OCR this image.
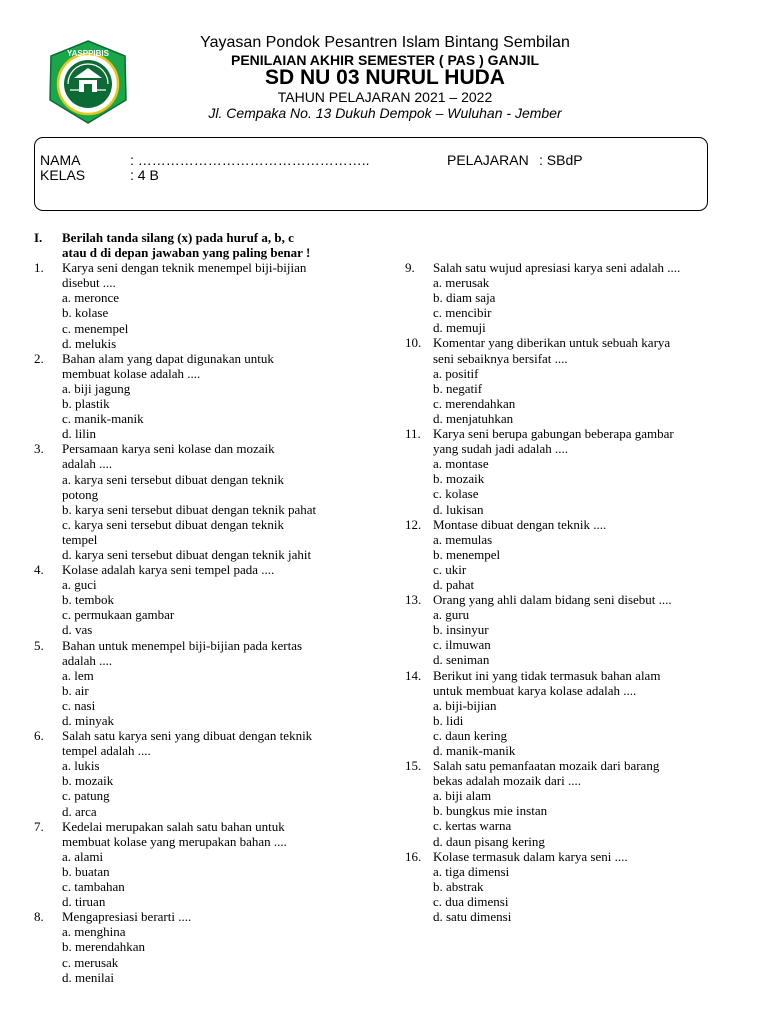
YASPPIBIS
Yayasan Pondok Pesantren Islam Bintang Sembilan
PENILAIAN AKHIR SEMESTER ( PAS ) GANJIL
SD NU 03 NURUL HUDA
TAHUN PELAJARAN 2021 – 2022
Jl. Cempaka No. 13 Dukuh Dempok – Wuluhan - Jember
NAMA	: …………………………………………..
KELAS	: 4 B
PELAJARAN : SBdP
I.	Berilah tanda silang (x) pada huruf a, b, c
atau d di depan jawaban yang paling benar !
1.	Karya seni dengan teknik menempel biji-bijian
disebut ....
a. meronce
b. kolase
c. menempel
d. melukis
2.	Bahan alam yang dapat digunakan untuk
membuat kolase adalah ....
a. biji jagung
b. plastik
c. manik-manik
d. lilin
3.	Persamaan karya seni kolase dan mozaik
adalah ....
a. karya seni tersebut dibuat dengan teknik
potong
b. karya seni tersebut dibuat dengan teknik pahat
c. karya seni tersebut dibuat dengan teknik
tempel
d. karya seni tersebut dibuat dengan teknik jahit
4.	Kolase adalah karya seni tempel pada ....
a. guci
b. tembok
c. permukaan gambar
d. vas
5.	Bahan untuk menempel biji-bijian pada kertas
adalah ....
a. lem
b. air
c. nasi
d. minyak
6.	Salah satu karya seni yang dibuat dengan teknik
tempel adalah ....
a. lukis
b. mozaik
c. patung
d. arca
7.	Kedelai merupakan salah satu bahan untuk
membuat kolase yang merupakan bahan ....
a. alami
b. buatan
c. tambahan
d. tiruan
8.	Mengapresiasi berarti ....
a. menghina
b. merendahkan
c. merusak
d. menilai
9.	Salah satu wujud apresiasi karya seni adalah ....
a. merusak
b. diam saja
c. mencibir
d. memuji
10. Komentar yang diberikan untuk sebuah karya
seni sebaiknya bersifat ....
a. positif
b. negatif
c. merendahkan
d. menjatuhkan
11. Karya seni berupa gabungan beberapa gambar
yang sudah jadi adalah ....
a. montase
b. mozaik
c. kolase
d. lukisan
12. Montase dibuat dengan teknik ....
a. memulas
b. menempel
c. ukir
d. pahat
13. Orang yang ahli dalam bidang seni disebut ....
a. guru
b. insinyur
c. ilmuwan
d. seniman
14. Berikut ini yang tidak termasuk bahan alam
untuk membuat karya kolase adalah ....
a. biji-bijian
b. lidi
c. daun kering
d. manik-manik
15. Salah satu pemanfaatan mozaik dari barang
bekas adalah mozaik dari ....
a. biji alam
b. bungkus mie instan
c. kertas warna
d. daun pisang kering
16. Kolase termasuk dalam karya seni ....
a. tiga dimensi
b. abstrak
c. dua dimensi
d. satu dimensi
